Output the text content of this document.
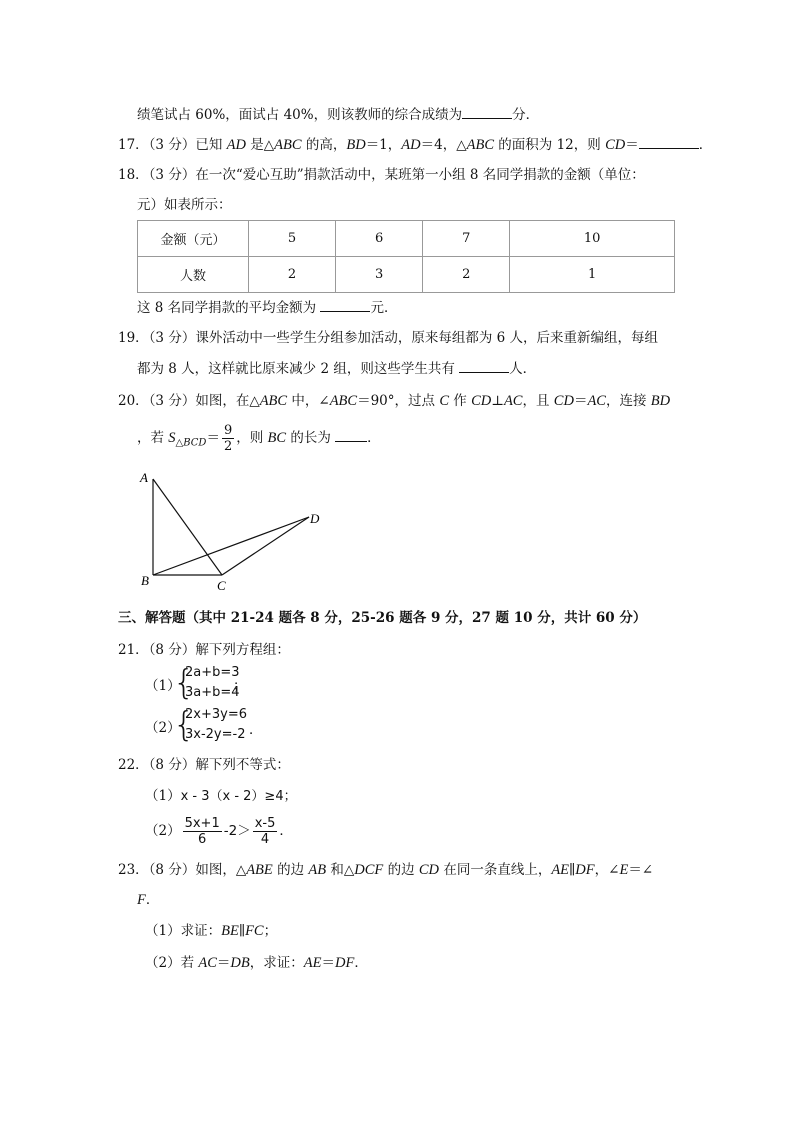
绩笔试占 60%，面试占 40%，则该教师的综合成绩为	分．
17．（3 分）已知 AD 是△ABC 的高，BD＝1，AD＝4，△ABC 的面积为 12，则 CD＝	．
18．（3 分）在一次“爱心互助”捐款活动中，某班第一小组 8 名同学捐款的金额（单位：
元）如表所示：
金额（元）	5	6	7	10
人数	2	3	2	1
这 8 名同学捐款的平均金额为	元．
19．（3 分）课外活动中一些学生分组参加活动，原来每组都为 6 人，后来重新编组，每组
都为 8 人，这样就比原来减少 2 组，则这些学生共有	人．
20．（3 分）如图，在△ABC 中，∠ABC＝90°，过点 C 作 CD⊥AC，且 CD＝AC，连接 BD
，若 $S_{\triangle BCD}= \frac{9}{2}$ ，则 BC 的长为 ．
A
B	C
D
三、解答题（其中 21-24 题各 8 分，25-26 题各 9 分，27 题 10 分，共计 60 分）
21．（8 分）解下列方程组：
（1）
{
2a+b=3
3a+b=4
；
（2）
{
2x+3y=6
3x-2y=-2 ．
22．（8 分）解下列不等式：
（1）x - 3（x - 2）≥4；
$(2) \frac{5x+1}{6} -2> \frac{x-5}{4}$ ．
23．（8 分）如图，△ABE 的边 AB 和△DCF 的边 CD 在同一条直线上，AE∥DF，∠E＝∠
F．
（1）求证：BE∥FC；
（2）若 AC＝DB，求证：AE＝DF．
